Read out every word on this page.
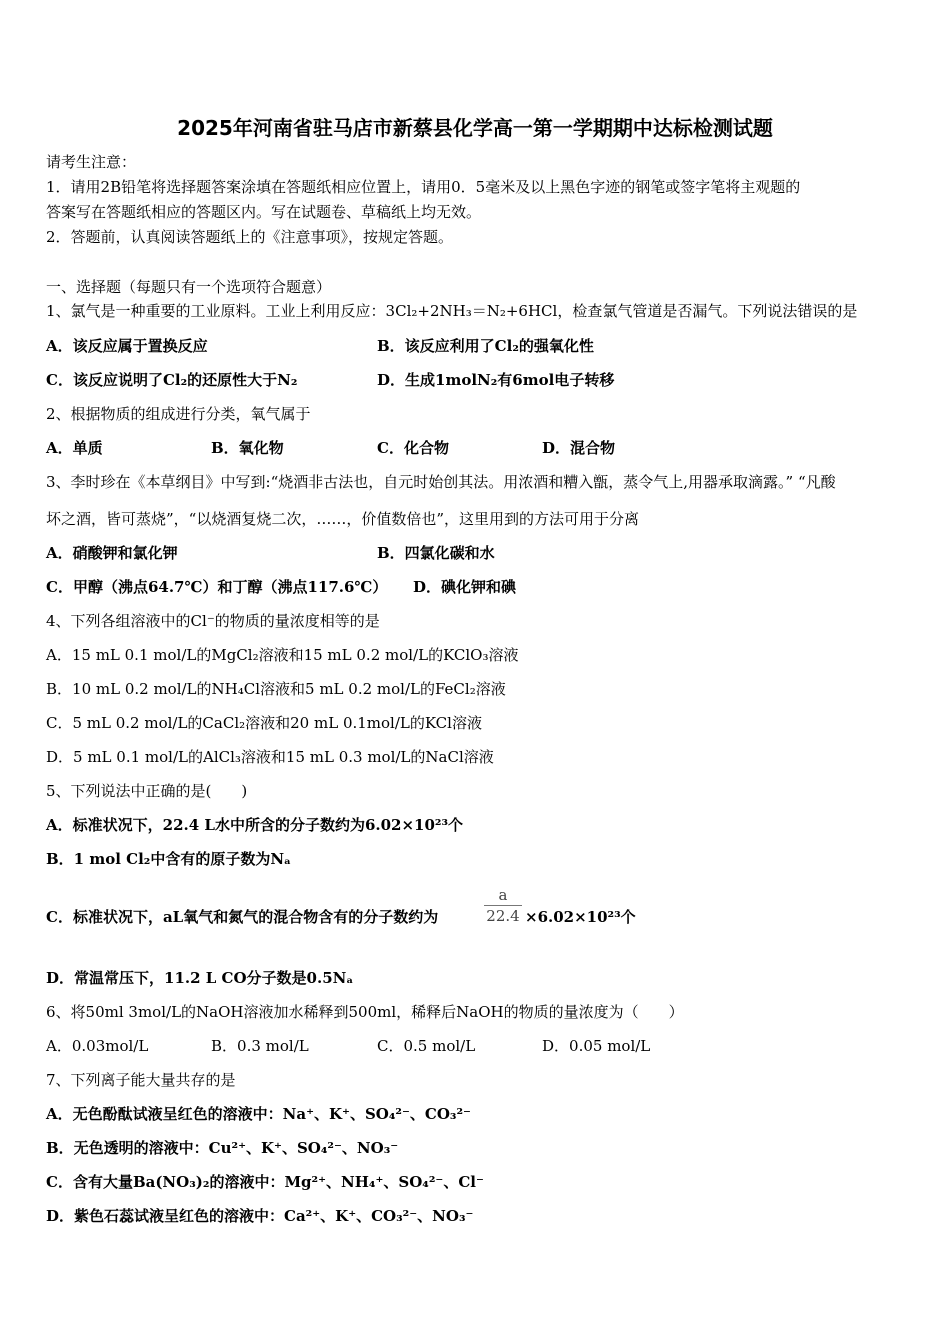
2025年河南省驻马店市新蔡县化学高一第一学期期中达标检测试题
请考生注意：
1．请用2B铅笔将选择题答案涂填在答题纸相应位置上，请用0．5毫米及以上黑色字迹的钢笔或签字笔将主观题的
答案写在答题纸相应的答题区内。写在试题卷、草稿纸上均无效。
2．答题前，认真阅读答题纸上的《注意事项》，按规定答题。
一、选择题（每题只有一个选项符合题意）
1、氯气是一种重要的工业原料。工业上利用反应：3Cl₂+2NH₃＝N₂+6HCl，检查氯气管道是否漏气。下列说法错误的是
A．该反应属于置换反应	B．该反应利用了Cl₂的强氧化性
C．该反应说明了Cl₂的还原性大于N₂	D．生成1molN₂有6mol电子转移
2、根据物质的组成进行分类，氧气属于
A．单质	B．氧化物	C．化合物	D．混合物
3、李时珍在《本草纲目》中写到:“烧酒非古法也，自元时始创其法。用浓酒和糟入甑，蒸令气上,用器承取滴露。” “凡酸
坏之酒，皆可蒸烧”，“以烧酒复烧二次，……，价值数倍也”，这里用到的方法可用于分离
A．硝酸钾和氯化钾	B．四氯化碳和水
C．甲醇（沸点64.7℃）和丁醇（沸点117.6℃） D．碘化钾和碘
4、下列各组溶液中的Cl⁻的物质的量浓度相等的是
A．15 mL 0.1 mol/L的MgCl₂溶液和15 mL 0.2 mol/L的KClO₃溶液
B．10 mL 0.2 mol/L的NH₄Cl溶液和5 mL 0.2 mol/L的FeCl₂溶液
C．5 mL 0.2 mol/L的CaCl₂溶液和20 mL 0.1mol/L的KCl溶液
D．5 mL 0.1 mol/L的AlCl₃溶液和15 mL 0.3 mol/L的NaCl溶液
5、下列说法中正确的是(　　)
A．标准状况下，22.4 L水中所含的分子数约为6.02×10²³个
B．1 mol Cl₂中含有的原子数为Nₐ
C．标准状况下，aL氧气和氮气的混合物含有的分子数约为
a
22.4 ×6.02×10²³个
D．常温常压下，11.2 L CO分子数是0.5Nₐ
6、将50ml 3mol/L的NaOH溶液加水稀释到500ml，稀释后NaOH的物质的量浓度为（　　）
A．0.03mol/L	B．0.3 mol/L	C．0.5 mol/L	D．0.05 mol/L
7、下列离子能大量共存的是
A．无色酚酞试液呈红色的溶液中：Na⁺、K⁺、SO₄²⁻、CO₃²⁻
B．无色透明的溶液中：Cu²⁺、K⁺、SO₄²⁻、NO₃⁻
C．含有大量Ba(NO₃)₂的溶液中：Mg²⁺、NH₄⁺、SO₄²⁻、Cl⁻
D．紫色石蕊试液呈红色的溶液中：Ca²⁺、K⁺、CO₃²⁻、NO₃⁻
